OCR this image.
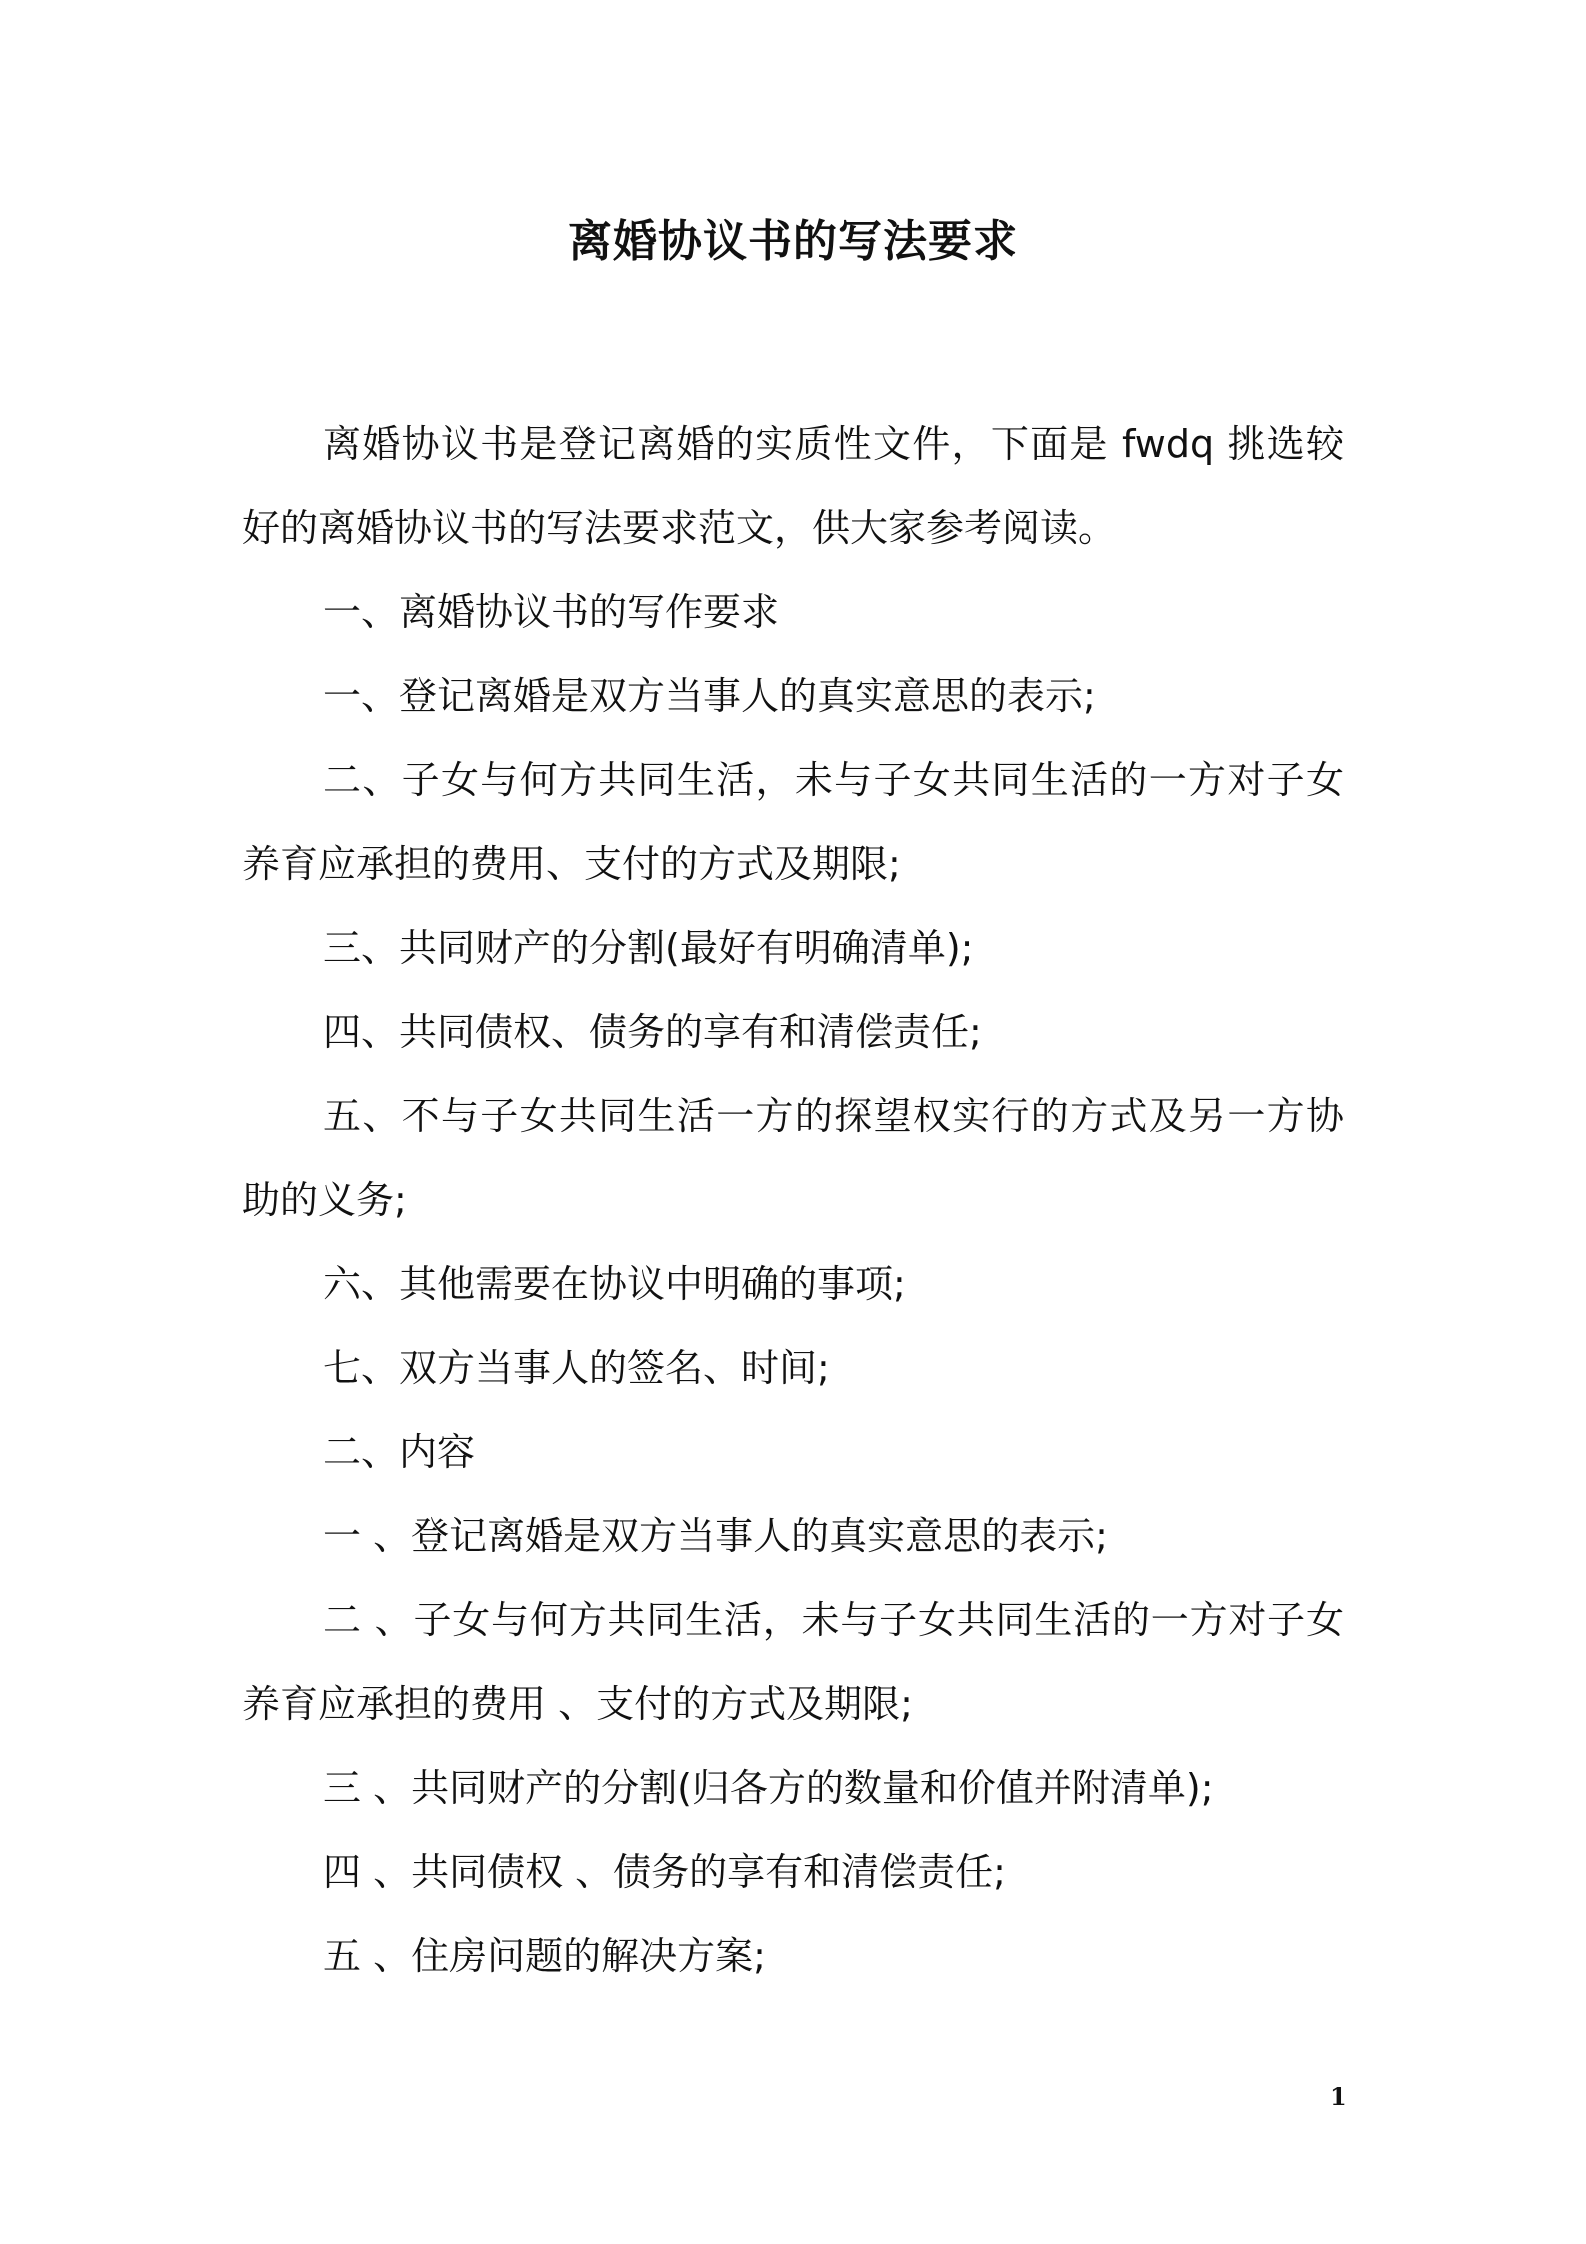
离婚协议书的写法要求

离婚协议书是登记离婚的实质性文件，下面是 fwdq 挑选较好的离婚协议书的写法要求范文，供大家参考阅读。

一、离婚协议书的写作要求

一、登记离婚是双方当事人的真实意思的表示;

二、子女与何方共同生活，未与子女共同生活的一方对子女养育应承担的费用、支付的方式及期限;

三、共同财产的分割(最好有明确清单);

四、共同债权、债务的享有和清偿责任;

五、不与子女共同生活一方的探望权实行的方式及另一方协助的义务;

六、其他需要在协议中明确的事项;

七、双方当事人的签名、时间;

二、内容

一 、登记离婚是双方当事人的真实意思的表示;

二 、子女与何方共同生活，未与子女共同生活的一方对子女养育应承担的费用 、支付的方式及期限;

三 、共同财产的分割(归各方的数量和价值并附清单);

四 、共同债权 、债务的享有和清偿责任;

五 、住房问题的解决方案;

1
